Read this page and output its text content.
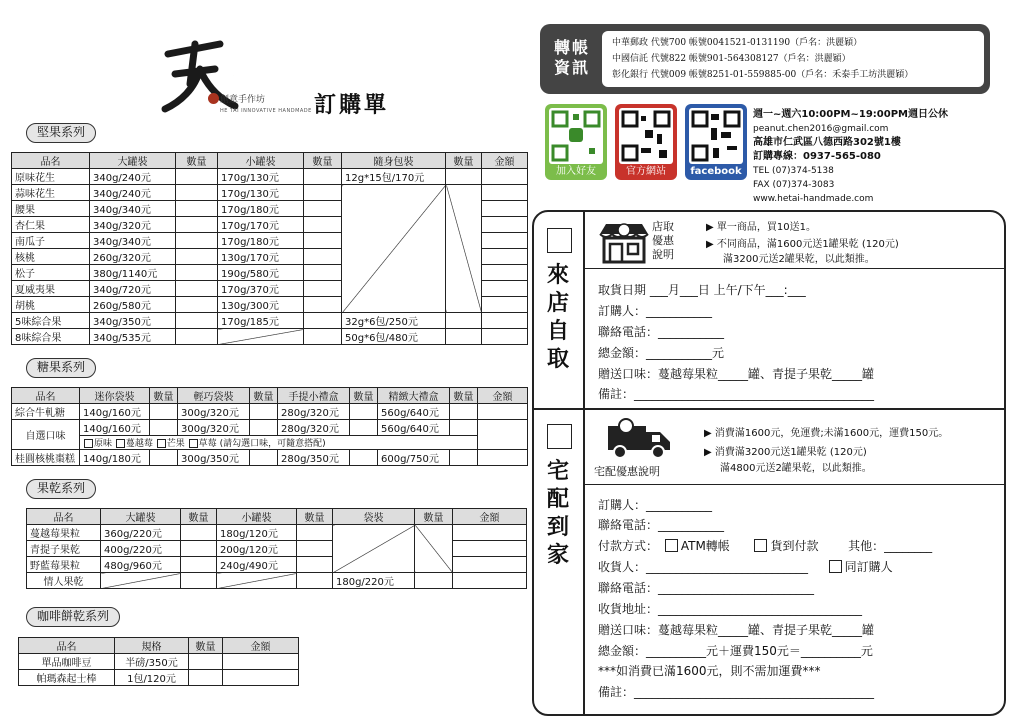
創意手作坊
HE TAI INNOVATIVE HANDMADE 訂購單
堅果系列
品名	大罐裝	數量	小罐裝	數量	隨身包裝	數量	金額
原味花生	340g/240元		170g/130元		12g*15包/170元		
蒜味花生	340g/240元		170g/130元				
腰果	340g/340元		170g/180元				
杏仁果	340g/320元		170g/170元				
南瓜子	340g/340元		170g/180元				
核桃	260g/320元		130g/170元				
松子	380g/1140元		190g/580元				
夏威夷果	340g/720元		170g/370元				
胡桃	260g/580元		130g/300元				
5味綜合果	340g/350元		170g/185元		32g*6包/250元		
8味綜合果	340g/535元				50g*6包/480元		
糖果系列
品名	迷你袋裝	數量	輕巧袋裝	數量	手提小禮盒	數量	精緻大禮盒	數量	金額
綜合牛軋糖	140g/160元		300g/320元		280g/320元		560g/640元		
自選口味	140g/160元		300g/320元		280g/320元		560g/640元		
	原味 蔓越莓 芒果 草莓 (請勾選口味，可隨意搭配)								
桂圓核桃棗糕	140g/180元		300g/350元		280g/350元		600g/750元		
果乾系列
品名	大罐裝	數量	小罐裝	數量	袋裝	數量	金額
蔓越莓果粒	360g/220元		180g/120元				
青提子果乾	400g/220元		200g/120元				
野藍莓果粒	480g/960元		240g/490元				
情人果乾					180g/220元		
咖啡餅乾系列
品名	規格	數量	金額
單品咖啡豆	半磅/350元		
帕瑪森起士棒	1包/120元		
轉帳資訊
中華郵政 代號700 帳號0041521-0131190（戶名：洪麗穎）
中國信託 代號822 帳號901-564308127（戶名：洪麗穎）
彰化銀行 代號009 帳號8251-01-559885-00（戶名：禾泰手工坊洪麗穎）
加入好友	官方網站	facebook
週一~週六10:00PM~19:00PM週日公休
peanut.chen2016@gmail.com
高雄市仁武區八德西路302號1樓
訂購專線：0937-565-080
TEL (07)374-5138
FAX (07)374-3083
www.hetai-handmade.com
來店自取
店取
優惠
說明
▶ 單一商品，買10送1。
▶ 不同商品，滿1600元送1罐果乾 (120元)
滿3200元送2罐果乾，以此類推。
取貨日期 ___月___日 上午/下午___:___
訂購人：___________
聯絡電話：___________
總金額：___________元
贈送口味：蔓越莓果粒_____罐、青提子果乾_____罐
備註：________________________________________
宅配到家
宅配優惠說明
▶ 消費滿1600元，免運費;未滿1600元，運費150元。
▶ 消費滿3200元送1罐果乾 (120元)
滿4800元送2罐果乾，以此類推。
訂購人：___________
聯絡電話：___________
付款方式： ATM轉帳	貨到付款 其他：________
收貨人：___________________________	同訂購人
聯絡電話：__________________________
收貨地址：__________________________________
贈送口味：蔓越莓果粒_____罐、青提子果乾_____罐
總金額：__________元＋運費150元＝__________元
***如消費已滿1600元，則不需加運費***
備註：________________________________________
